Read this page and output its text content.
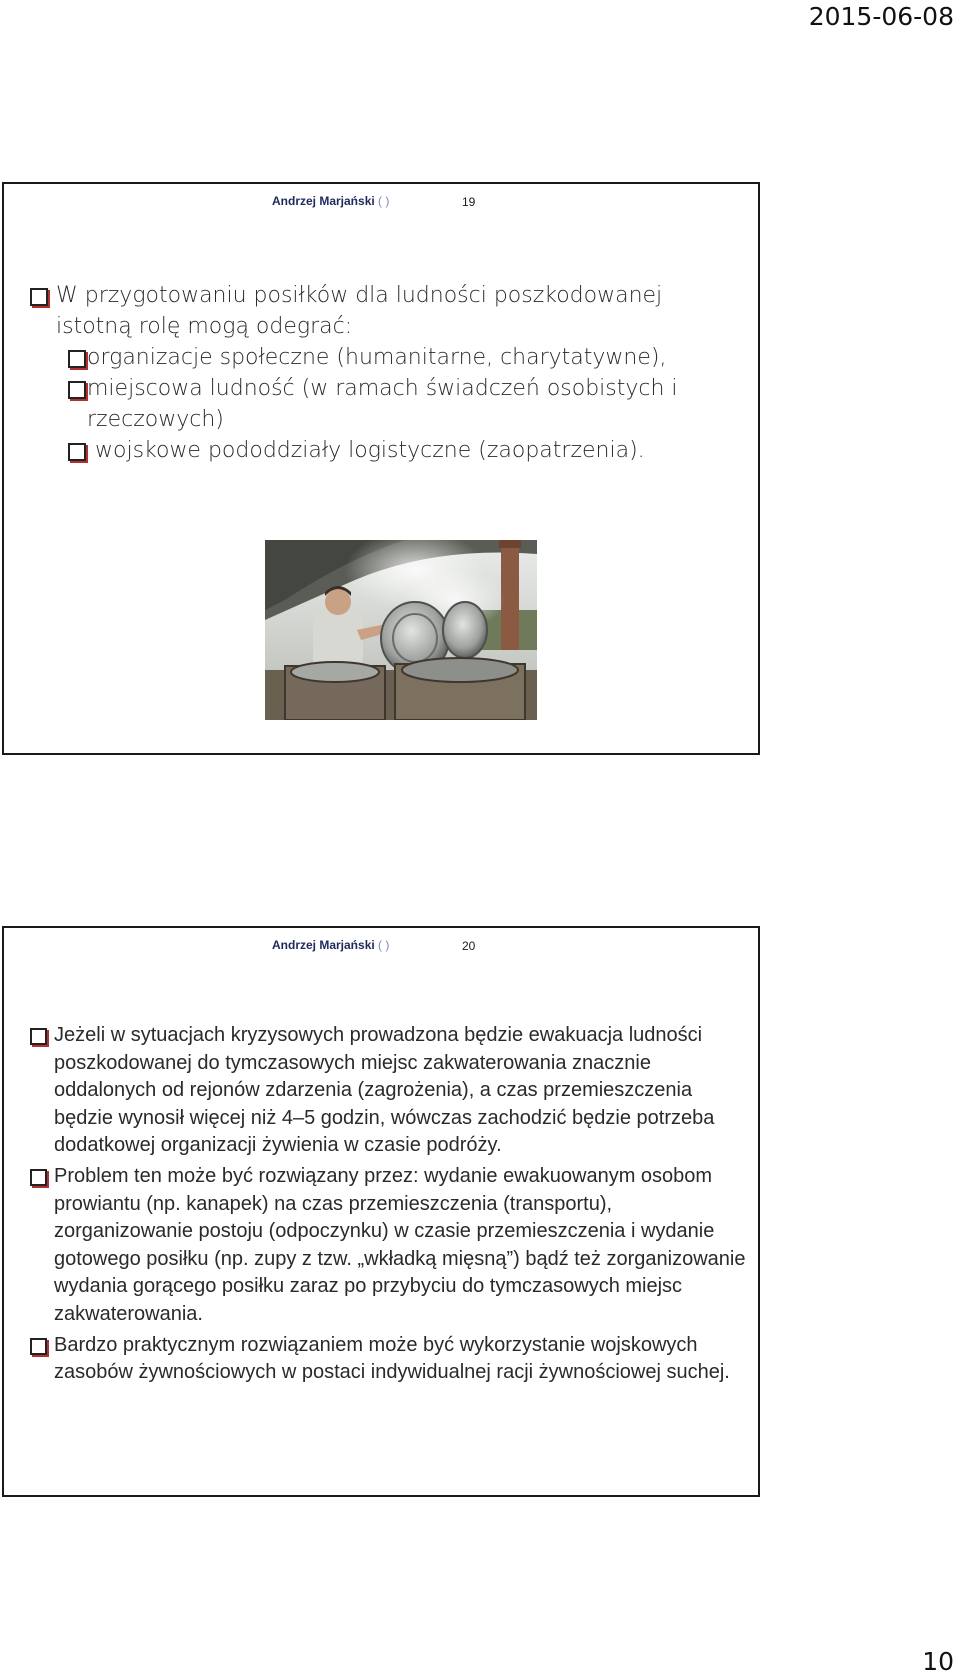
2015-06-08
Andrzej Marjański ( )	19
W przygotowaniu posiłków dla ludności poszkodowanej istotną rolę mogą odegrać:
organizacje społeczne (humanitarne, charytatywne),
miejscowa ludność (w ramach świadczeń osobistych i rzeczowych)
wojskowe pododdziały logistyczne (zaopatrzenia).
Andrzej Marjański ( )	20
Jeżeli w sytuacjach kryzysowych prowadzona będzie ewakuacja ludności poszkodowanej do tymczasowych miejsc zakwaterowania znacznie oddalonych od rejonów zdarzenia (zagrożenia), a czas przemieszczenia będzie wynosił więcej niż 4–5 godzin, wówczas zachodzić będzie potrzeba dodatkowej organizacji żywienia w czasie podróży.
Problem ten może być rozwiązany przez: wydanie ewakuowanym osobom prowiantu (np. kanapek) na czas przemieszczenia (transportu), zorganizowanie postoju (odpoczynku) w czasie przemieszczenia i wydanie gotowego posiłku (np. zupy z tzw. „wkładką mięsną”) bądź też zorganizowanie wydania gorącego posiłku zaraz po przybyciu do tymczasowych miejsc zakwaterowania.
Bardzo praktycznym rozwiązaniem może być wykorzystanie wojskowych zasobów żywnościowych w postaci indywidualnej racji żywnościowej suchej.
10
